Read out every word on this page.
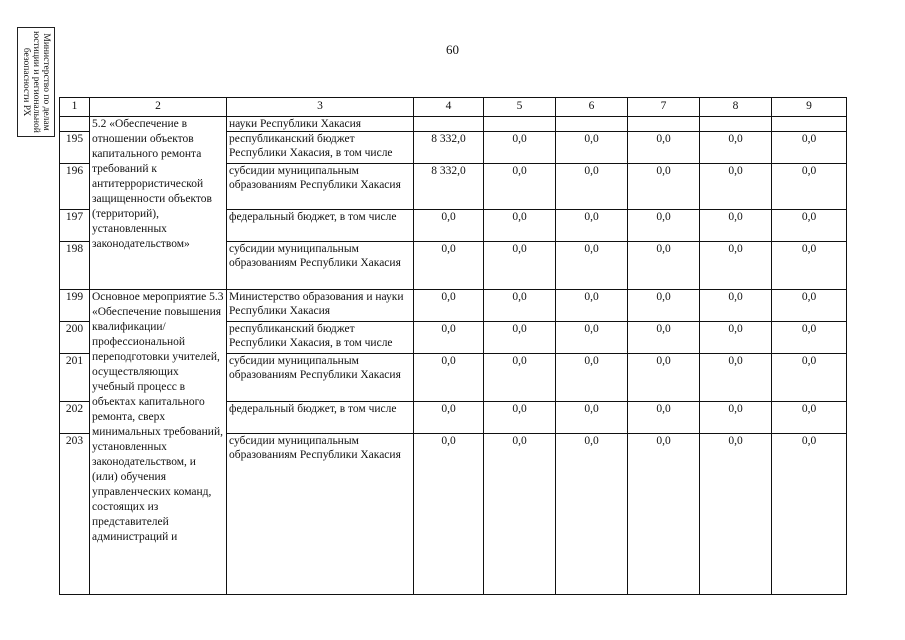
Министерство по делам
юстиции и региональной
безопасности РХ
60
1	2	3	4	5	6	7	8	9
	5.2 «Обеспечение в отношении объектов капитального ремонта требований к антитеррористической защищенности объектов (территорий), установленных законодательством»	науки Республики Хакасия						
195		республиканский бюджет Республики Хакасия, в том числе	8 332,0	0,0	0,0	0,0	0,0	0,0
196		субсидии муниципальным образованиям Республики Хакасия	8 332,0	0,0	0,0	0,0	0,0	0,0
197		федеральный бюджет, в том числе	0,0	0,0	0,0	0,0	0,0	0,0
198		субсидии муниципальным образованиям Республики Хакасия	0,0	0,0	0,0	0,0	0,0	0,0
199	Основное мероприятие 5.3 «Обеспечение повышения квалификации/ профессиональной переподготовки учителей, осуществляющих учебный процесс в объектах капитального ремонта, сверх минимальных требований, установленных законодательством, и (или) обучения управленческих команд, состоящих из представителей администраций и	Министерство образования и науки Республики Хакасия	0,0	0,0	0,0	0,0	0,0	0,0
200		республиканский бюджет Республики Хакасия, в том числе	0,0	0,0	0,0	0,0	0,0	0,0
201		субсидии муниципальным образованиям Республики Хакасия	0,0	0,0	0,0	0,0	0,0	0,0
202		федеральный бюджет, в том числе	0,0	0,0	0,0	0,0	0,0	0,0
203		субсидии муниципальным образованиям Республики Хакасия	0,0	0,0	0,0	0,0	0,0	0,0
